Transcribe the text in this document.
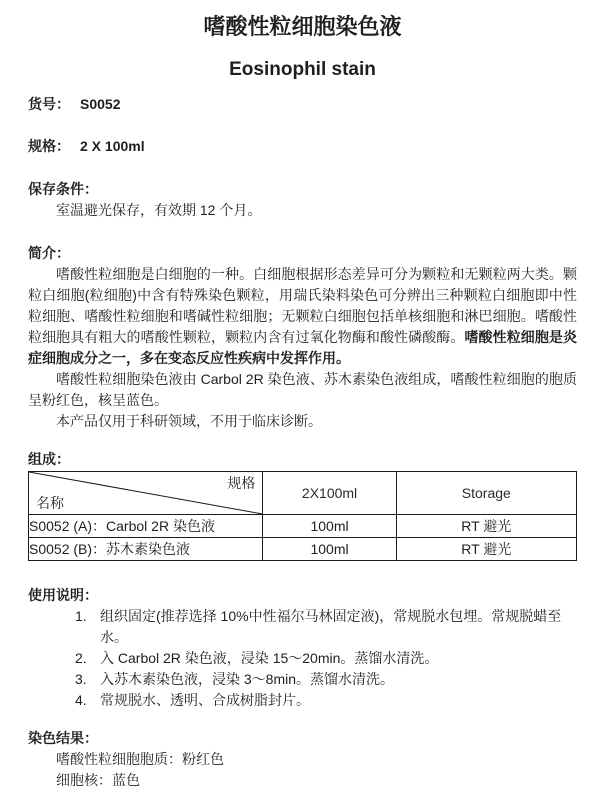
嗜酸性粒细胞染色液
Eosinophil stain
货号： S0052
规格： 2 X 100ml
保存条件：
室温避光保存，有效期 12 个月。
简介：

嗜酸性粒细胞是白细胞的一种。白细胞根据形态差异可分为颗粒和无颗粒两大类。颗粒白细胞(粒细胞)中含有特殊染色颗粒，用瑞氏染料染色可分辨出三种颗粒白细胞即中性粒细胞、嗜酸性粒细胞和嗜碱性粒细胞；无颗粒白细胞包括单核细胞和淋巴细胞。嗜酸性粒细胞具有粗大的嗜酸性颗粒，颗粒内含有过氧化物酶和酸性磷酸酶。嗜酸性粒细胞是炎症细胞成分之一，多在变态反应性疾病中发挥作用。

嗜酸性粒细胞染色液由 Carbol 2R 染色液、苏木素染色液组成，嗜酸性粒细胞的胞质呈粉红色，核呈蓝色。

本产品仅用于科研领域，不用于临床诊断。

组成：
规格
名称	2X100ml	Storage
S0052 (A)：Carbol 2R 染色液	100ml	RT 避光
S0052 (B)：苏木素染色液	100ml	RT 避光
使用说明：
1. 组织固定(推荐选择 10%中性福尔马林固定液)，常规脱水包埋。常规脱蜡至水。
2. 入 Carbol 2R 染色液，浸染 15～20min。蒸馏水清洗。
3. 入苏木素染色液，浸染 3～8min。蒸馏水清洗。
4. 常规脱水、透明、合成树脂封片。
染色结果：
嗜酸性粒细胞胞质：粉红色
细胞核：蓝色
